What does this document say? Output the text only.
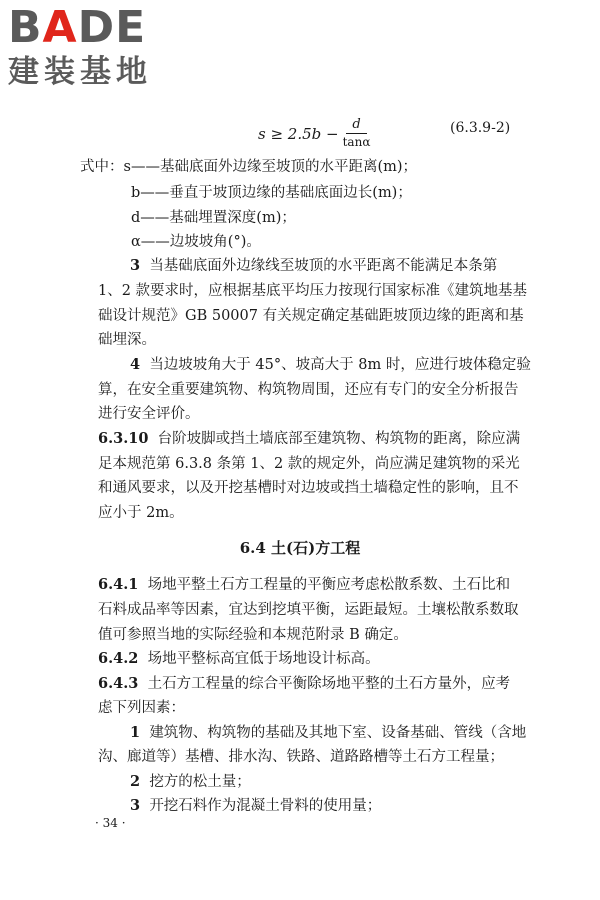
BADE
建装基地
$s \ge 2.5b - \frac{d}{\tan\alpha}$	(6.3.9-2)
式中：s——基础底面外边缘至坡顶的水平距离(m)；
b——垂直于坡顶边缘的基础底面边长(m)；
d——基础埋置深度(m)；
α——边坡坡角(°)。
3 当基础底面外边缘线至坡顶的水平距离不能满足本条第
1、2 款要求时，应根据基底平均压力按现行国家标准《建筑地基基
础设计规范》GB 50007 有关规定确定基础距坡顶边缘的距离和基
础埋深。
4 当边坡坡角大于 45°、坡高大于 8m 时，应进行坡体稳定验
算，在安全重要建筑物、构筑物周围，还应有专门的安全分析报告
进行安全评价。
6.3.10 台阶坡脚或挡土墙底部至建筑物、构筑物的距离，除应满
足本规范第 6.3.8 条第 1、2 款的规定外，尚应满足建筑物的采光
和通风要求，以及开挖基槽时对边坡或挡土墙稳定性的影响，且不
应小于 2m。
6.4 土(石)方工程
6.4.1 场地平整土石方工程量的平衡应考虑松散系数、土石比和
石料成品率等因素，宜达到挖填平衡，运距最短。土壤松散系数取
值可参照当地的实际经验和本规范附录 B 确定。
6.4.2 场地平整标高宜低于场地设计标高。
6.4.3 土石方工程量的综合平衡除场地平整的土石方量外，应考
虑下列因素：
1 建筑物、构筑物的基础及其地下室、设备基础、管线（含地
沟、廊道等）基槽、排水沟、铁路、道路路槽等土石方工程量；
2 挖方的松土量；
3 开挖石料作为混凝土骨料的使用量；
· 34 ·
